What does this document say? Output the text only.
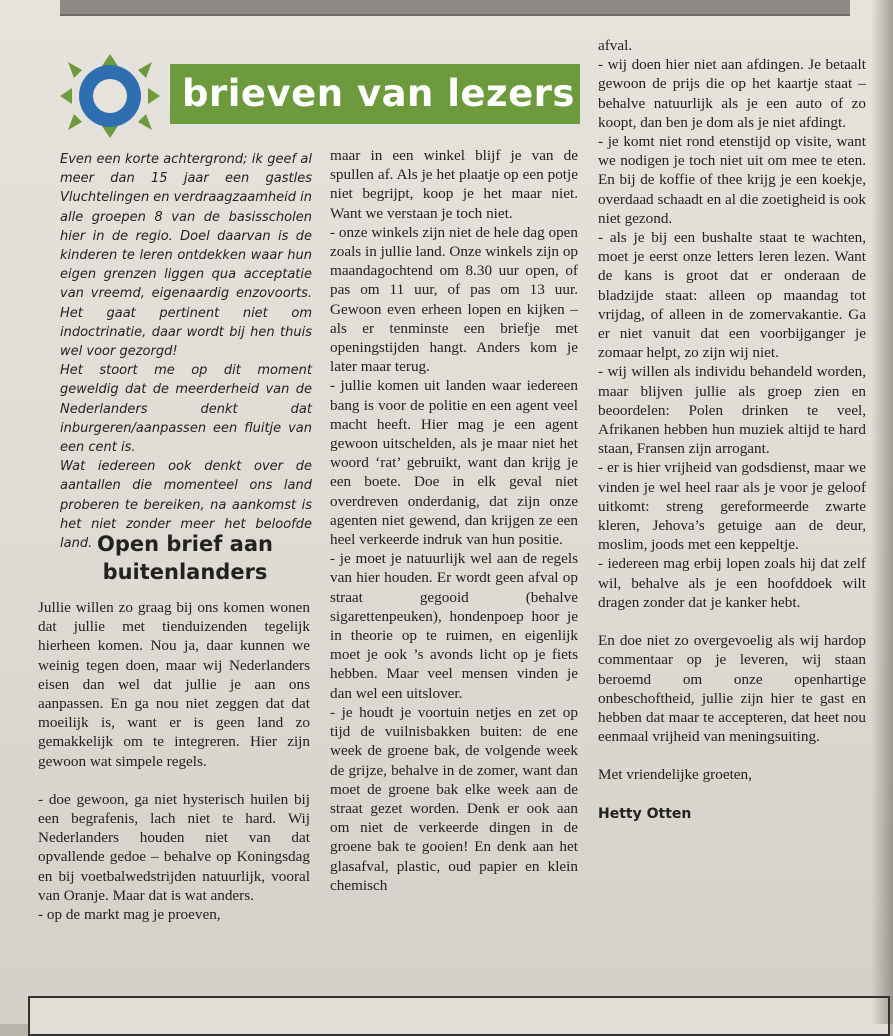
brieven van lezers

Even een korte achtergrond; ik geef al meer dan 15 jaar een gastles Vluchtelingen en verdraagzaamheid in alle groepen 8 van de basisscholen hier in de regio. Doel daarvan is de kinderen te leren ontdekken waar hun eigen grenzen liggen qua acceptatie van vreemd, eigenaardig enzovoorts. Het gaat pertinent niet om indoctrinatie, daar wordt bij hen thuis wel voor gezorgd!

Het stoort me op dit moment geweldig dat de meerderheid van de Nederlanders denkt dat inburgeren/aanpassen een fluitje van een cent is.

Wat iedereen ook denkt over de aantallen die momenteel ons land proberen te bereiken, na aankomst is het niet zonder meer het beloofde land. Open brief aan buitenlanders

Jullie willen zo graag bij ons komen wonen dat jullie met tienduizenden tegelijk hierheen komen. Nou ja, daar kunnen we weinig tegen doen, maar wij Nederlanders eisen dan wel dat jullie je aan ons aanpassen. En ga nou niet zeggen dat dat moeilijk is, want er is geen land zo gemakkelijk om te integreren. Hier zijn gewoon wat simpele regels.

- doe gewoon, ga niet hysterisch huilen bij een begrafenis, lach niet te hard. Wij Nederlanders houden niet van dat opvallende gedoe – behalve op Koningsdag en bij voetbalwedstrijden natuurlijk, vooral van Oranje. Maar dat is wat anders.

- op de markt mag je proeven,

maar in een winkel blijf je van de spullen af. Als je het plaatje op een potje niet begrijpt, koop je het maar niet. Want we verstaan je toch niet.

- onze winkels zijn niet de hele dag open zoals in jullie land. Onze winkels zijn op maandagochtend om 8.30 uur open, of pas om 11 uur, of pas om 13 uur. Gewoon even erheen lopen en kijken – als er tenminste een briefje met openingstijden hangt. Anders kom je later maar terug.

- jullie komen uit landen waar iedereen bang is voor de politie en een agent veel macht heeft. Hier mag je een agent gewoon uitschelden, als je maar niet het woord ‘rat’ gebruikt, want dan krijg je een boete. Doe in elk geval niet overdreven onderdanig, dat zijn onze agenten niet gewend, dan krijgen ze een heel verkeerde indruk van hun positie.

- je moet je natuurlijk wel aan de regels van hier houden. Er wordt geen afval op straat gegooid (behalve sigarettenpeuken), hondenpoep hoor je in theorie op te ruimen, en eigenlijk moet je ook ’s avonds licht op je fiets hebben. Maar veel mensen vinden je dan wel een uitslover.

- je houdt je voortuin netjes en zet op tijd de vuilnisbakken buiten: de ene week de groene bak, de volgende week de grijze, behalve in de zomer, want dan moet de groene bak elke week aan de straat gezet worden. Denk er ook aan om niet de verkeerde dingen in de groene bak te gooien! En denk aan het glasafval, plastic, oud papier en klein chemisch

afval.

- wij doen hier niet aan afdingen. Je betaalt gewoon de prijs die op het kaartje staat – behalve natuurlijk als je een auto of zo koopt, dan ben je dom als je niet afdingt.

- je komt niet rond etenstijd op visite, want we nodigen je toch niet uit om mee te eten. En bij de koffie of thee krijg je een koekje, overdaad schaadt en al die zoetigheid is ook niet gezond.

- als je bij een bushalte staat te wachten, moet je eerst onze letters leren lezen. Want de kans is groot dat er onderaan de bladzijde staat: alleen op maandag tot vrijdag, of alleen in de zomervakantie. Ga er niet vanuit dat een voorbijganger je zomaar helpt, zo zijn wij niet.

- wij willen als individu behandeld worden, maar blijven jullie als groep zien en beoordelen: Polen drinken te veel, Afrikanen hebben hun muziek altijd te hard staan, Fransen zijn arrogant.

- er is hier vrijheid van godsdienst, maar we vinden je wel heel raar als je voor je geloof uitkomt: streng gereformeerde zwarte kleren, Jehova’s getuige aan de deur, moslim, joods met een keppeltje.

- iedereen mag erbij lopen zoals hij dat zelf wil, behalve als je een hoofddoek wilt dragen zonder dat je kanker hebt.

En doe niet zo overgevoelig als wij hardop commentaar op je leveren, wij staan beroemd om onze openhartige onbeschoftheid, jullie zijn hier te gast en hebben dat maar te accepteren, dat heet nou eenmaal vrijheid van meningsuiting.

Met vriendelijke groeten,

Hetty Otten
